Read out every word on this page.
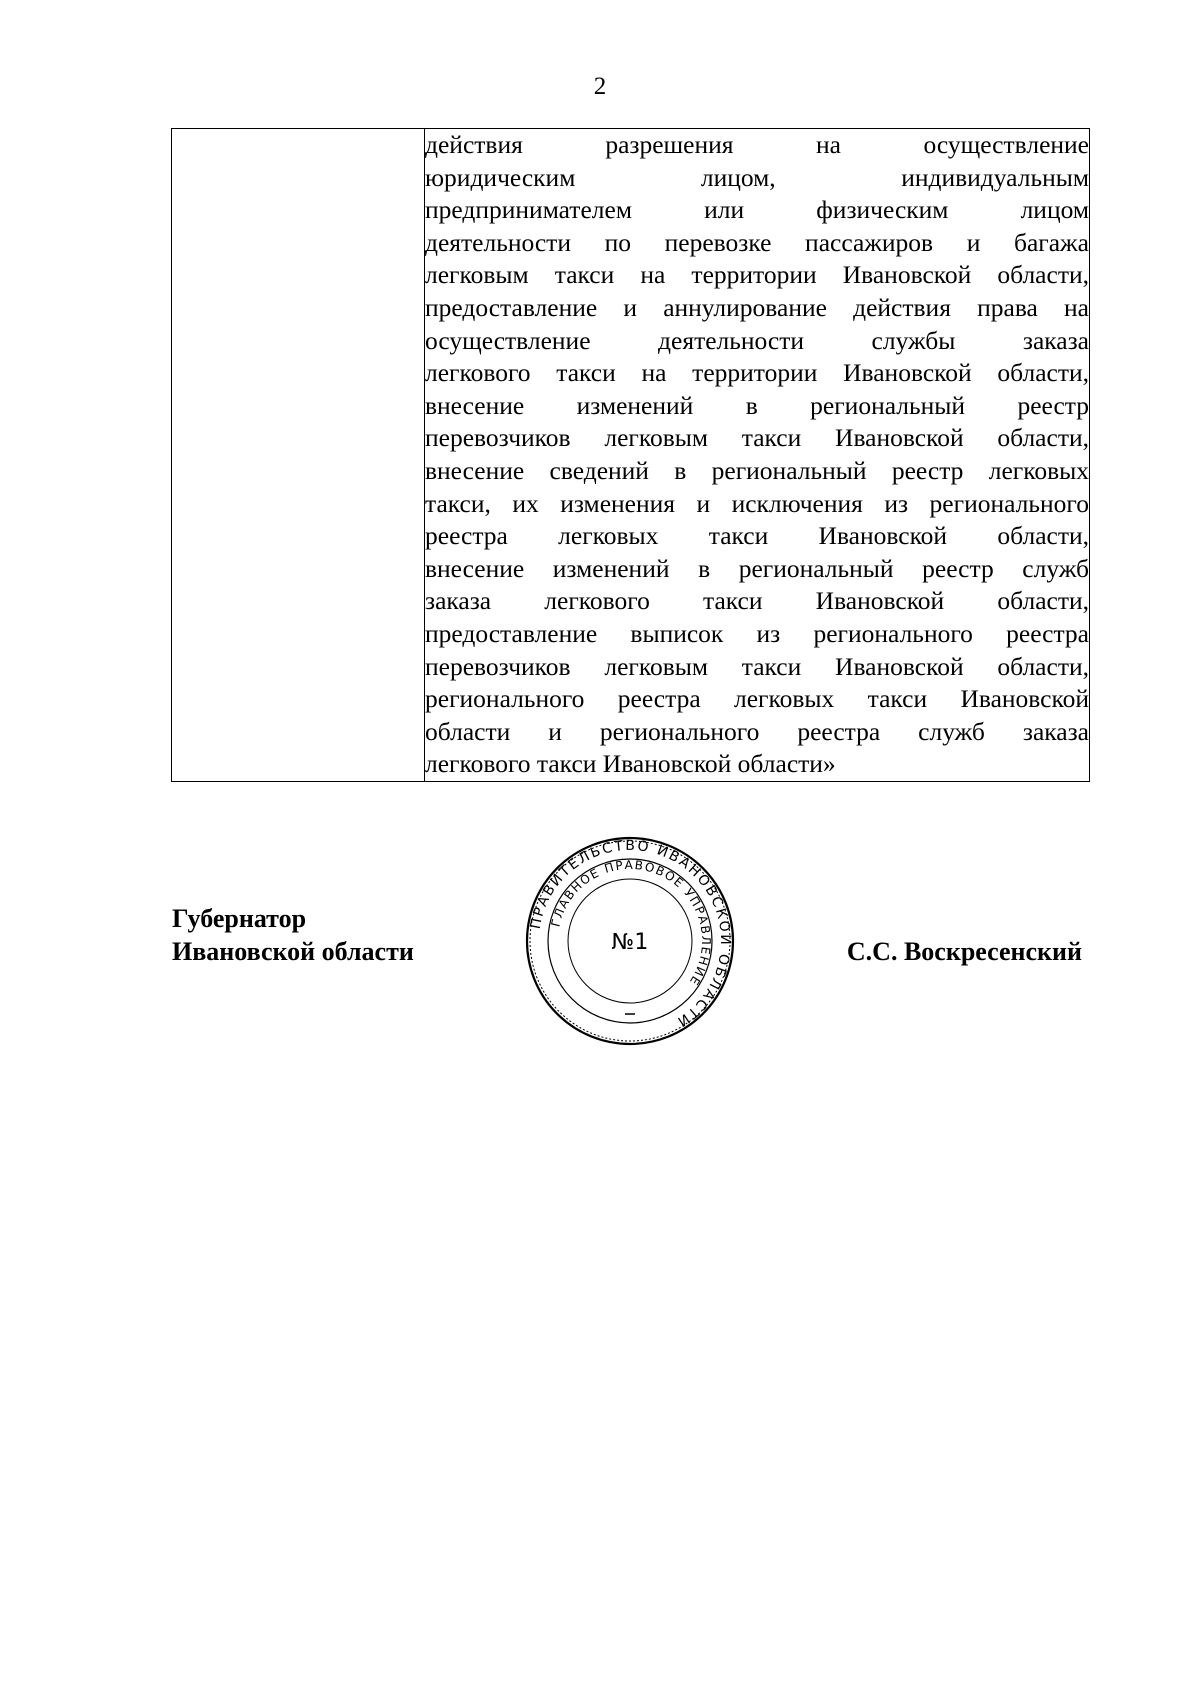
2

действия разрешения на осуществление
юридическим лицом, индивидуальным
предпринимателем или физическим лицом
деятельности по перевозке пассажиров и багажа
легковым такси на территории Ивановской области,
предоставление и аннулирование действия права на
осуществление деятельности службы заказа
легкового такси на территории Ивановской области,
внесение изменений в региональный реестр
перевозчиков легковым такси Ивановской области,
внесение сведений в региональный реестр легковых
такси, их изменения и исключения из регионального
реестра легковых такси Ивановской области,
внесение изменений в региональный реестр служб
заказа легкового такси Ивановской области,
предоставление выписок из регионального реестра
перевозчиков легковым такси Ивановской области,
регионального реестра легковых такси Ивановской
области и регионального реестра служб заказа
легкового такси Ивановской области»
Губернатор
Ивановской области	С.С. Воскресенский
ПРАВИТЕЛЬСТВО ИВАНОВСКОЙ ОБЛАСТИ
ГЛАВНОЕ ПРАВОВОЕ УПРАВЛЕНИЕ
№1
